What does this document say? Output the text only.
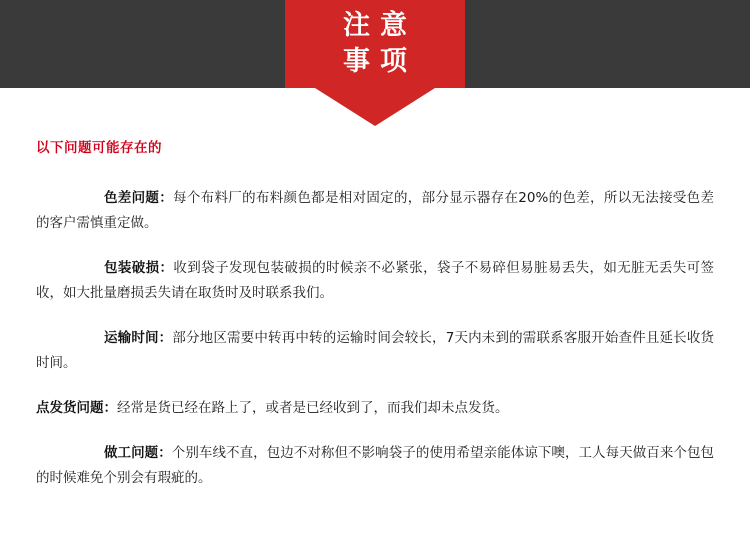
注 意
事 项
以下问题可能存在的
色差问题：每个布料厂的布料颜色都是相对固定的，部分显示器存在20%的色差，所以无法接受色差的客户需慎重定做。
包装破损：收到袋子发现包装破损的时候亲不必紧张，袋子不易碎但易脏易丢失，如无脏无丢失可签收，如大批量磨损丢失请在取货时及时联系我们。
运输时间：部分地区需要中转再中转的运输时间会较长，7天内未到的需联系客服开始查件且延长收货时间。
点发货问题：经常是货已经在路上了，或者是已经收到了，而我们却未点发货。
做工问题：个别车线不直，包边不对称但不影响袋子的使用希望亲能体谅下噢，工人每天做百来个包包的时候难免个别会有瑕疵的。
